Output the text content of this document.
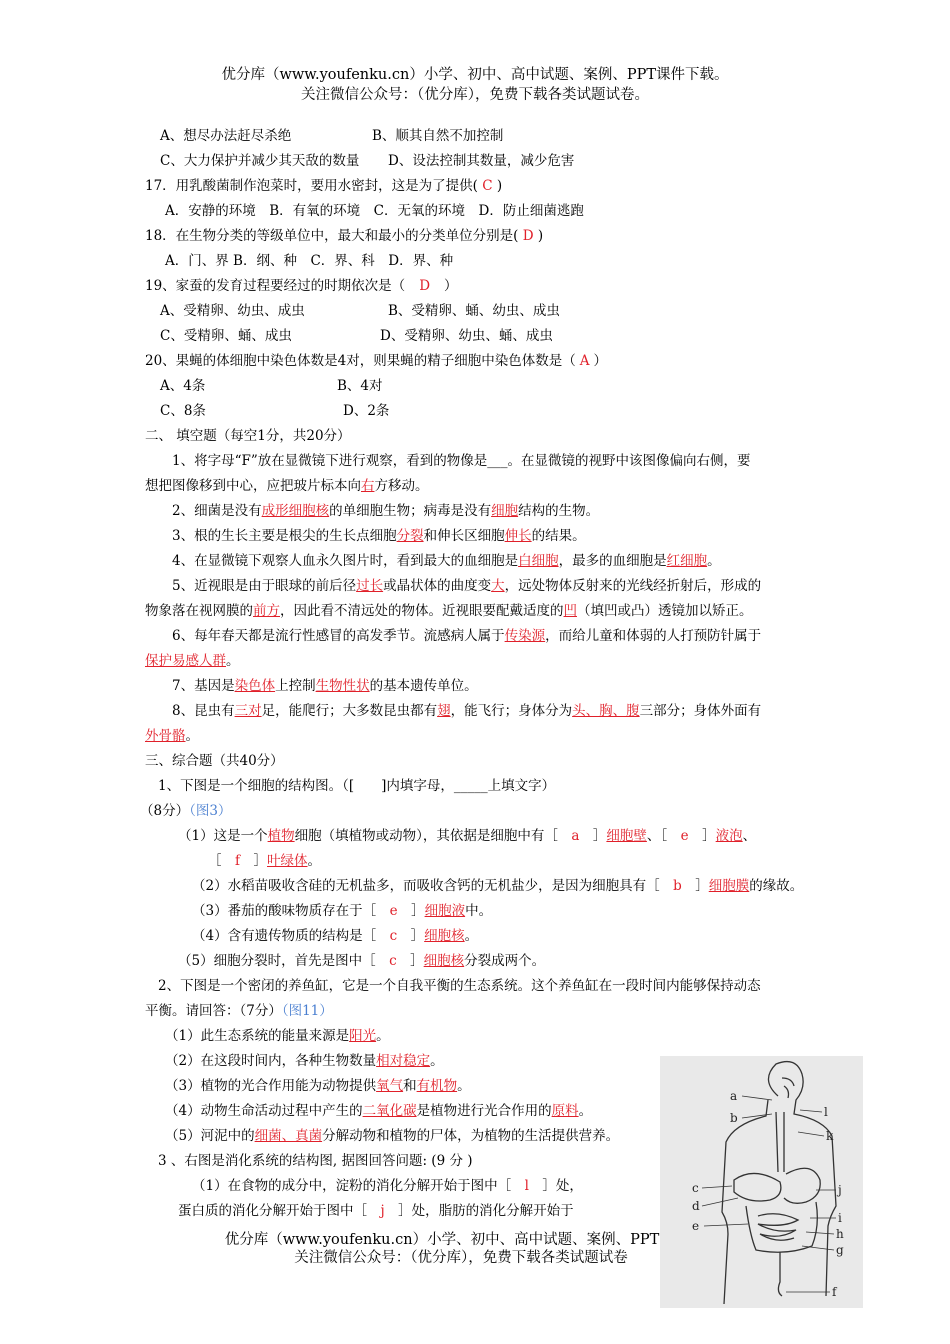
优分库（www.youfenku.cn）小学、初中、高中试题、案例、PPT课件下载。
关注微信公众号：（优分库），免费下载各类试题试卷。
A、想尽办法赶尽杀绝	B、顺其自然不加控制
C、大力保护并减少其天敌的数量 D、设法控制其数量，减少危害
17．用乳酸菌制作泡菜时，要用水密封，这是为了提供( C )
A．安静的环境　B．有氧的环境　C．无氧的环境　D．防止细菌逃跑
18．在生物分类的等级单位中，最大和最小的分类单位分别是( D )
A．门、界 B．纲、种　C．界、科　D．界、种
19、家蚕的发育过程要经过的时期依次是（ D ）
A、受精卵、幼虫、成虫	B、受精卵、蛹、幼虫、成虫
C、受精卵、蛹、成虫	D、受精卵、幼虫、蛹、成虫
20、果蝇的体细胞中染色体数是4对，则果蝇的精子细胞中染色体数是（ A ）
A、4条	B、4对
C、8条	D、2条
二、 填空题（每空1分，共20分）
1、将字母“F”放在显微镜下进行观察，看到的物像是___。在显微镜的视野中该图像偏向右侧，要
想把图像移到中心，应把玻片标本向右方移动。
2、细菌是没有成形细胞核的单细胞生物；病毒是没有细胞结构的生物。
3、根的生长主要是根尖的生长点细胞分裂和伸长区细胞伸长的结果。
4、在显微镜下观察人血永久图片时，看到最大的血细胞是白细胞，最多的血细胞是红细胞。
5、近视眼是由于眼球的前后径过长或晶状体的曲度变大，远处物体反射来的光线经折射后，形成的
物象落在视网膜的前方，因此看不清远处的物体。近视眼要配戴适度的凹（填凹或凸）透镜加以矫正。
6、每年春天都是流行性感冒的高发季节。流感病人属于传染源，而给儿童和体弱的人打预防针属于
保护易感人群。
7、基因是染色体上控制生物性状的基本遗传单位。
8、昆虫有三对足，能爬行；大多数昆虫都有翅，能飞行；身体分为头、胸、腹三部分；身体外面有
外骨骼。
三、综合题（共40分）
1、下图是一个细胞的结构图。（[　　]内填字母，_____上填文字）
（8分）（图3）
（1）这是一个植物细胞（填植物或动物），其依据是细胞中有［　a　］细胞壁、［　e　］液泡、
［　f　］叶绿体。
（2）水稻苗吸收含硅的无机盐多，而吸收含钙的无机盐少，是因为细胞具有［　b　］细胞膜的缘故。
（3）番茄的酸味物质存在于［　e　］细胞液中。
（4）含有遗传物质的结构是［　c　］细胞核。
（5）细胞分裂时，首先是图中［　c　］细胞核分裂成两个。
2、下图是一个密闭的养鱼缸，它是一个自我平衡的生态系统。这个养鱼缸在一段时间内能够保持动态
平衡。请回答：（7分）（图11）
（1）此生态系统的能量来源是阳光。
（2）在这段时间内，各种生物数量相对稳定。
（3）植物的光合作用能为动物提供氧气和有机物。
（4）动物生命活动过程中产生的二氧化碳是植物进行光合作用的原料。
（5）河泥中的细菌、真菌分解动物和植物的尸体，为植物的生活提供营养。
3 、右图是消化系统的结构图, 据图回答问题: (9 分 )
（1）在食物的成分中，淀粉的消化分解开始于图中［　l　］处，
蛋白质的消化分解开始于图中［　j　］处，脂肪的消化分解开始于
优分库（www.youfenku.cn）小学、初中、高中试题、案例、PPT
关注微信公众号：（优分库），免费下载各类试题试卷
a
b
c
d
e
f
g
h
i
j
k
l
